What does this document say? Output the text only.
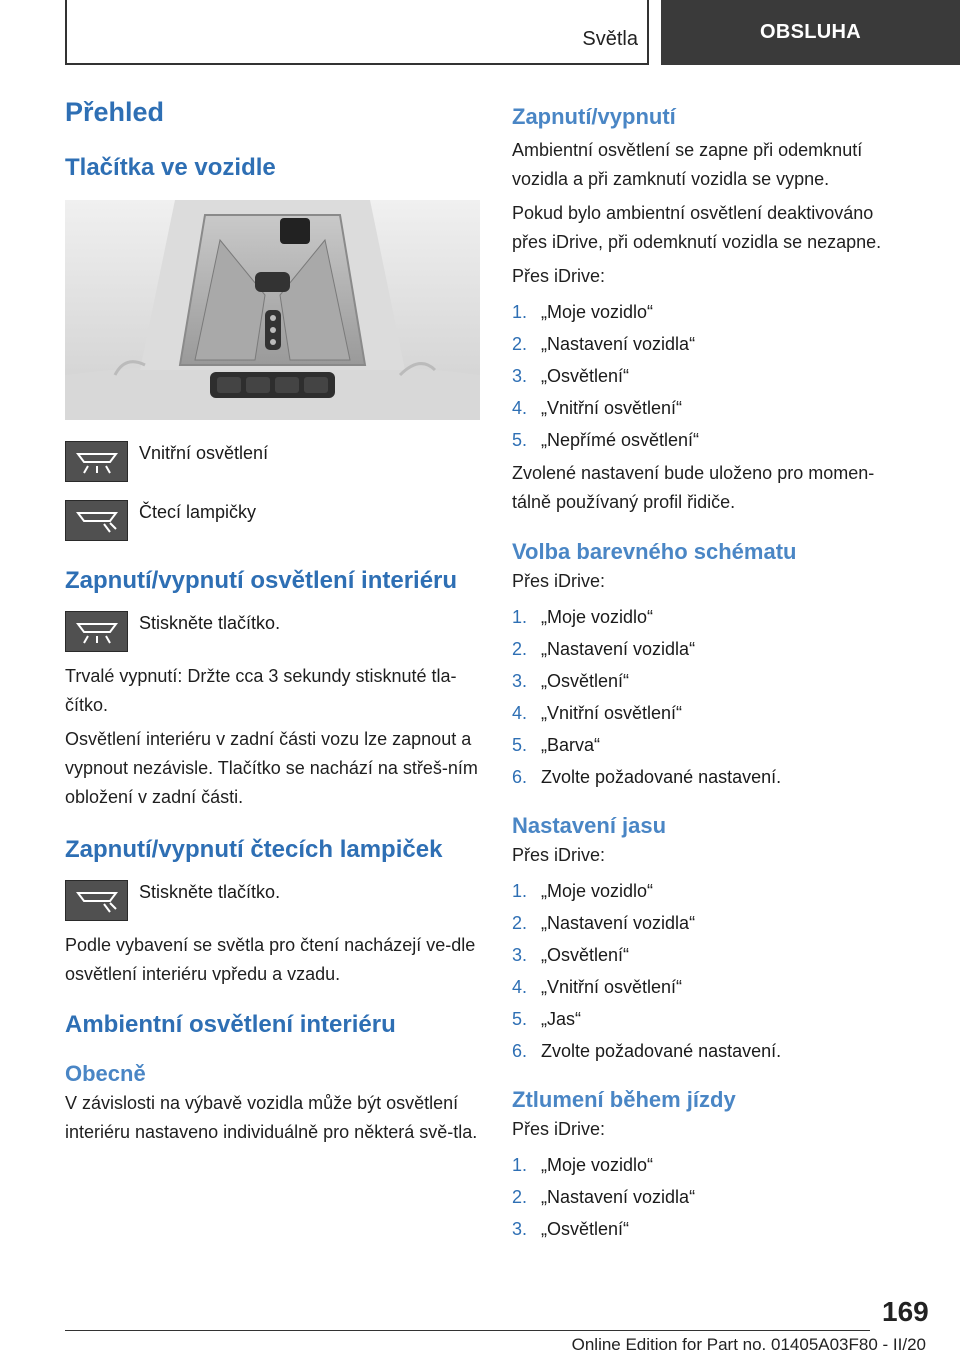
Světla	OBSLUHA
Přehled
Tlačítka ve vozidle
Vnitřní osvětlení
Čtecí lampičky
Zapnutí/vypnutí osvětlení interiéru
Stiskněte tlačítko.
Trvalé vypnutí: Držte cca 3 sekundy stisknuté tla-čítko.
Osvětlení interiéru v zadní části vozu lze zapnout a vypnout nezávisle. Tlačítko se nachází na střeš-ním obložení v zadní části.
Zapnutí/vypnutí čtecích lampiček
Stiskněte tlačítko.
Podle vybavení se světla pro čtení nacházejí ve-dle osvětlení interiéru vpředu a vzadu.
Ambientní osvětlení interiéru
Obecně
V závislosti na výbavě vozidla může být osvětlení interiéru nastaveno individuálně pro některá svě-tla.
Zapnutí/vypnutí
Ambientní osvětlení se zapne při odemknutí vozidla a při zamknutí vozidla se vypne.
Pokud bylo ambientní osvětlení deaktivováno přes iDrive, při odemknutí vozidla se nezapne.
Přes iDrive:
1. „Moje vozidlo“
2. „Nastavení vozidla“
3. „Osvětlení“
4. „Vnitřní osvětlení“
5. „Nepřímé osvětlení“
Zvolené nastavení bude uloženo pro momen-tálně používaný profil řidiče.
Volba barevného schématu
Přes iDrive:
1. „Moje vozidlo“
2. „Nastavení vozidla“
3. „Osvětlení“
4. „Vnitřní osvětlení“
5. „Barva“
6. Zvolte požadované nastavení.
Nastavení jasu
Přes iDrive:
1. „Moje vozidlo“
2. „Nastavení vozidla“
3. „Osvětlení“
4. „Vnitřní osvětlení“
5. „Jas“
6. Zvolte požadované nastavení.
Ztlumení během jízdy
Přes iDrive:
1. „Moje vozidlo“
2. „Nastavení vozidla“
3. „Osvětlení“
169
Online Edition for Part no. 01405A03F80 - II/20
